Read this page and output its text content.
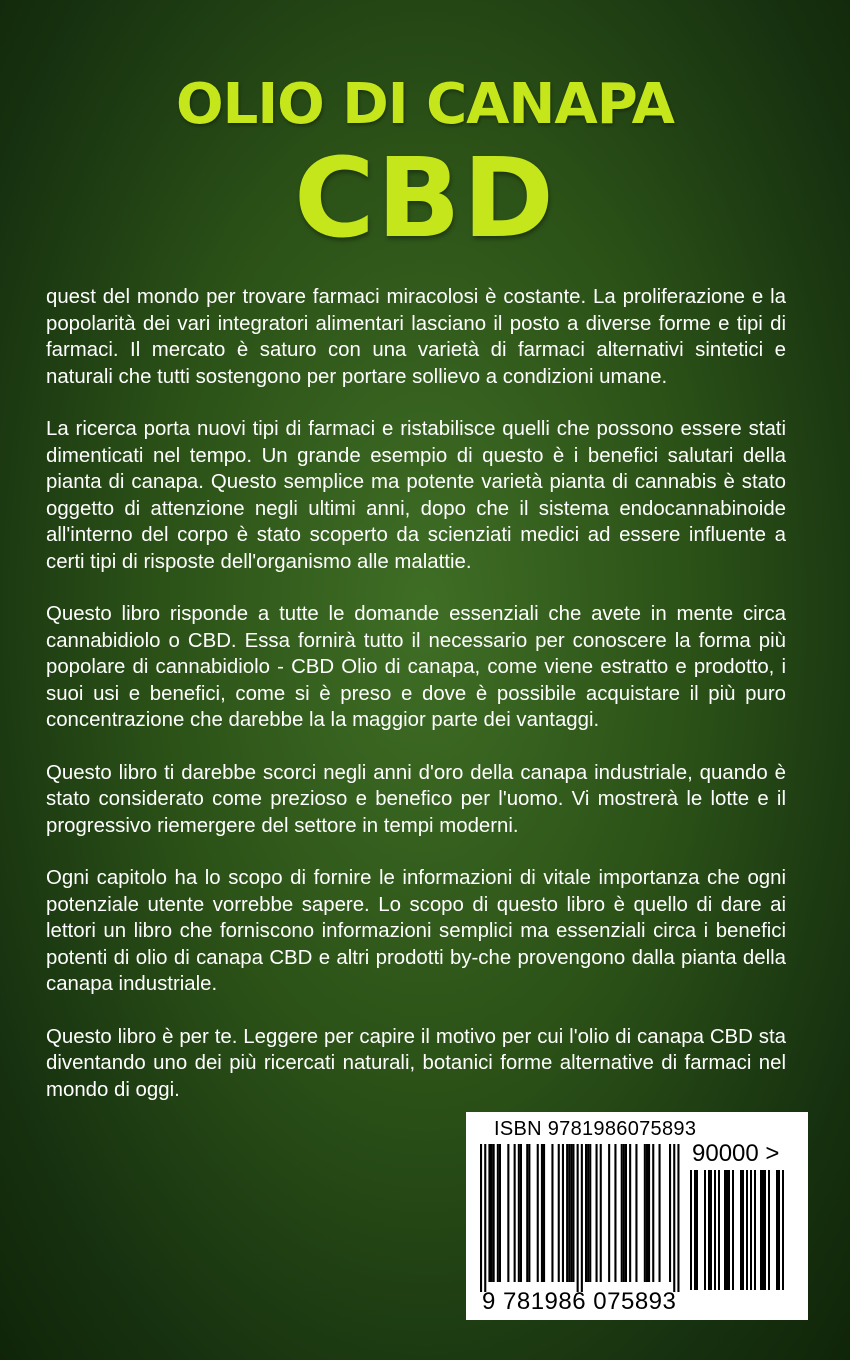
OLIO DI CANAPA
CBD

quest del mondo per trovare farmaci miracolosi è costante. La proliferazione e la popolarità dei vari integratori alimentari lasciano il posto a diverse forme e tipi di farmaci. Il mercato è saturo con una varietà di farmaci alternativi sintetici e naturali che tutti sostengono per portare sollievo a condizioni umane.

La ricerca porta nuovi tipi di farmaci e ristabilisce quelli che possono essere stati dimenticati nel tempo. Un grande esempio di questo è i benefici salutari della pianta di canapa. Questo semplice ma potente varietà pianta di cannabis è stato oggetto di attenzione negli ultimi anni, dopo che il sistema endocannabinoide all'interno del corpo è stato scoperto da scienziati medici ad essere influente a certi tipi di risposte dell'organismo alle malattie.

Questo libro risponde a tutte le domande essenziali che avete in mente circa cannabidiolo o CBD. Essa fornirà tutto il necessario per conoscere la forma più popolare di cannabidiolo - CBD Olio di canapa, come viene estratto e prodotto, i suoi usi e benefici, come si è preso e dove è possibile acquistare il più puro concentrazione che darebbe la la maggior parte dei vantaggi.

Questo libro ti darebbe scorci negli anni d'oro della canapa industriale, quando è stato considerato come prezioso e benefico per l'uomo. Vi mostrerà le lotte e il progressivo riemergere del settore in tempi moderni.

Ogni capitolo ha lo scopo di fornire le informazioni di vitale importanza che ogni potenziale utente vorrebbe sapere. Lo scopo di questo libro è quello di dare ai lettori un libro che forniscono informazioni semplici ma essenziali circa i benefici potenti di olio di canapa CBD e altri prodotti by-che provengono dalla pianta della canapa industriale.

Questo libro è per te. Leggere per capire il motivo per cui l'olio di canapa CBD sta diventando uno dei più ricercati naturali, botanici forme alternative di farmaci nel mondo di oggi.

ISBN 9781986075893
90000 >
9 781986 075893
